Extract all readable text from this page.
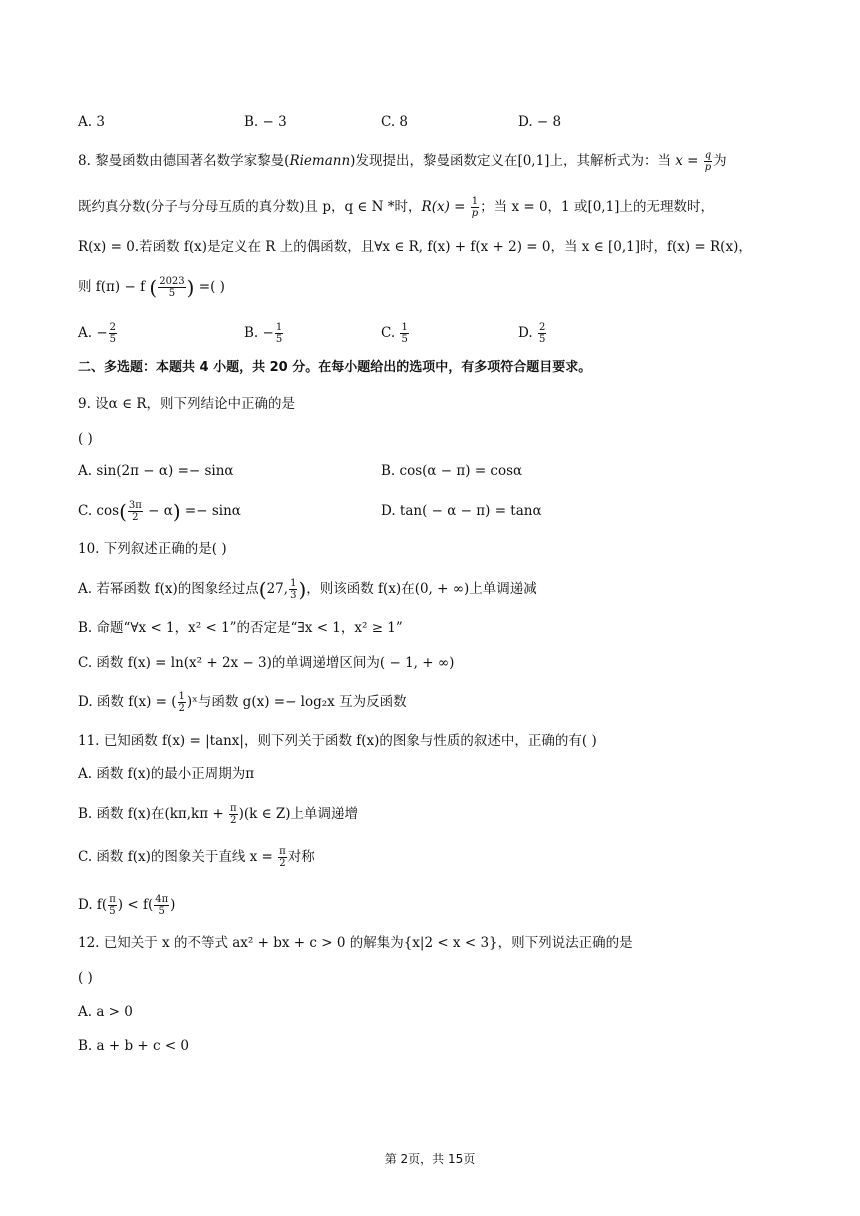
A. 3	B. − 3	C. 8	D. − 8
8. 黎曼函数由德国著名数学家黎曼(Riemann)发现提出，黎曼函数定义在[0,1]上，其解析式为：当 $x = \frac{q}{p}$ 为
既约真分数(分子与分母互质的真分数)且 p，q ∈ N *时，$R(x) = \frac{1}{p}$ ；当 x = 0，1 或[0,1]上的无理数时，
R(x) = 0.若函数 f(x)是定义在 R 上的偶函数，且∀x ∈ R, f(x) + f(x + 2) = 0，当 x ∈ [0,1]时，f(x) = R(x)，
则 f(π) − f ( $\frac{2023}{5}$ ) =( )
A. − $\frac{2}{5}$	B. − $\frac{1}{5}$	C. $\frac{1}{5}$	D. $\frac{2}{5}$
二、多选题：本题共 4 小题，共 20 分。在每小题给出的选项中，有多项符合题目要求。
9. 设α ∈ R，则下列结论中正确的是
( )
A. sin(2π − α) =− sinα	B. cos(α − π) = cosα
C. $\cos( \frac{3\pi}{2} - \alpha) =- \sin\alpha$	D. tan( − α − π) = tanα
10. 下列叙述正确的是( )
A. 若幂函数 f(x)的图象经过点(27, $\frac{1}{3}$ )，则该函数 f(x)在(0, + ∞)上单调递减
B. 命题“∀x < 1，x² < 1”的否定是“∃x < 1，x² ≥ 1”
C. 函数 f(x) = ln(x² + 2x − 3)的单调递增区间为( − 1, + ∞)
D. 函数 f(x) = ( $\frac{1}{2}$ )ˣ与函数 g(x) =− log₂x 互为反函数
11. 已知函数 f(x) = |tanx|，则下列关于函数 f(x)的图象与性质的叙述中，正确的有( )
A. 函数 f(x)的最小正周期为π
B. 函数 f(x)在$(k\pi,k\pi + \frac{\pi}{2} )(k$ ∈ Z)上单调递增
C. 函数 f(x)的图象关于直线 $x = \frac{\pi}{2}$ 对称
D. $f( \frac{\pi}{5}$ ) < $f( \frac{4\pi}{5}$ )
12. 已知关于 x 的不等式 ax² + bx + c > 0 的解集为{x|2 < x < 3}，则下列说法正确的是
( )
A. a > 0
B. a + b + c < 0
第 2页，共 15页
